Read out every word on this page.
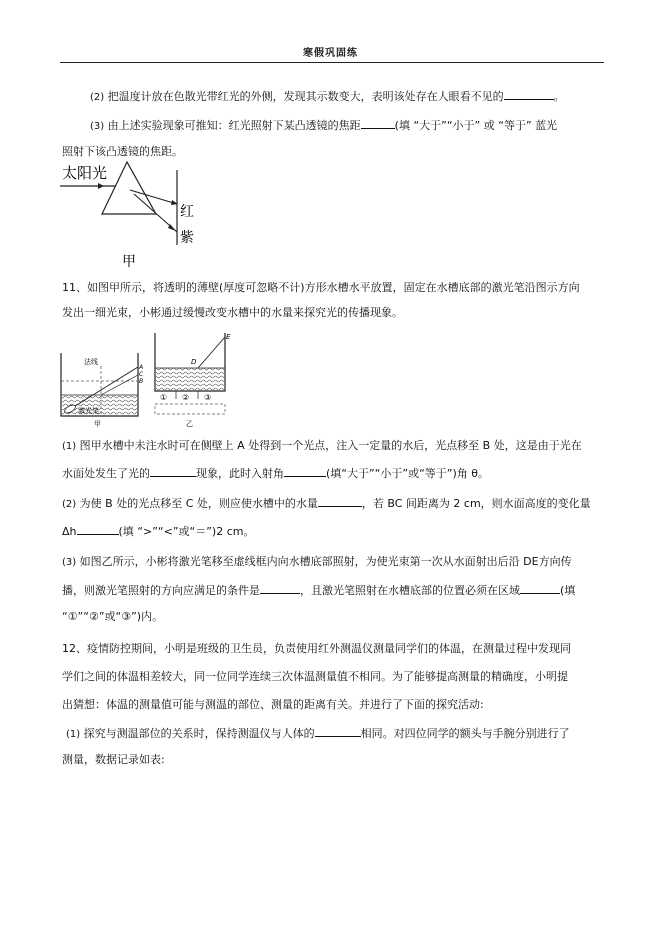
寒假巩固练
(2) 把温度计放在色散光带红光的外侧，发现其示数变大，表明该处存在人眼看不见的	。
(3) 由上述实验现象可推知：红光照射下某凸透镜的焦距	(填 “大于”“小于” 或 “等于” 蓝光
照射下该凸透镜的焦距。
太阳光
红
紫
甲
11、如图甲所示，将透明的薄壁(厚度可忽略不计)方形水槽水平放置，固定在水槽底部的激光笔沿图示方向
发出一细光束，小彬通过缓慢改变水槽中的水量来探究光的传播现象。
法线
A
C
B
激光笔
甲
D
E
① ② ③
乙
(1) 图甲水槽中未注水时可在侧壁上 A 处得到一个光点，注入一定量的水后，光点移至 B 处，这是由于光在
水面处发生了光的	现象，此时入射角	(填“大于”“小于”或“等于”)角 θ。
(2) 为使 B 处的光点移至 C 处，则应使水槽中的水量	，若 BC 间距离为 2 cm，则水面高度的变化量
Δh	(填 “>”“<”或“＝”)2 cm。
(3) 如图乙所示，小彬将激光笔移至虚线框内向水槽底部照射，为使光束第一次从水面射出后沿 DE方向传
播，则激光笔照射的方向应满足的条件是	，且激光笔照射在水槽底部的位置必须在区域	(填
“①”“②”或“③”)内。
12、疫情防控期间，小明是班级的卫生员，负责使用红外测温仪测量同学们的体温，在测量过程中发现同
学们之间的体温相差较大，同一位同学连续三次体温测量值不相同。为了能够提高测量的精确度，小明提
出猜想：体温的测量值可能与测温的部位、测量的距离有关。并进行了下面的探究活动:
(1) 探究与测温部位的关系时，保持测温仪与人体的	相同。对四位同学的额头与手腕分别进行了
测量，数据记录如表:
